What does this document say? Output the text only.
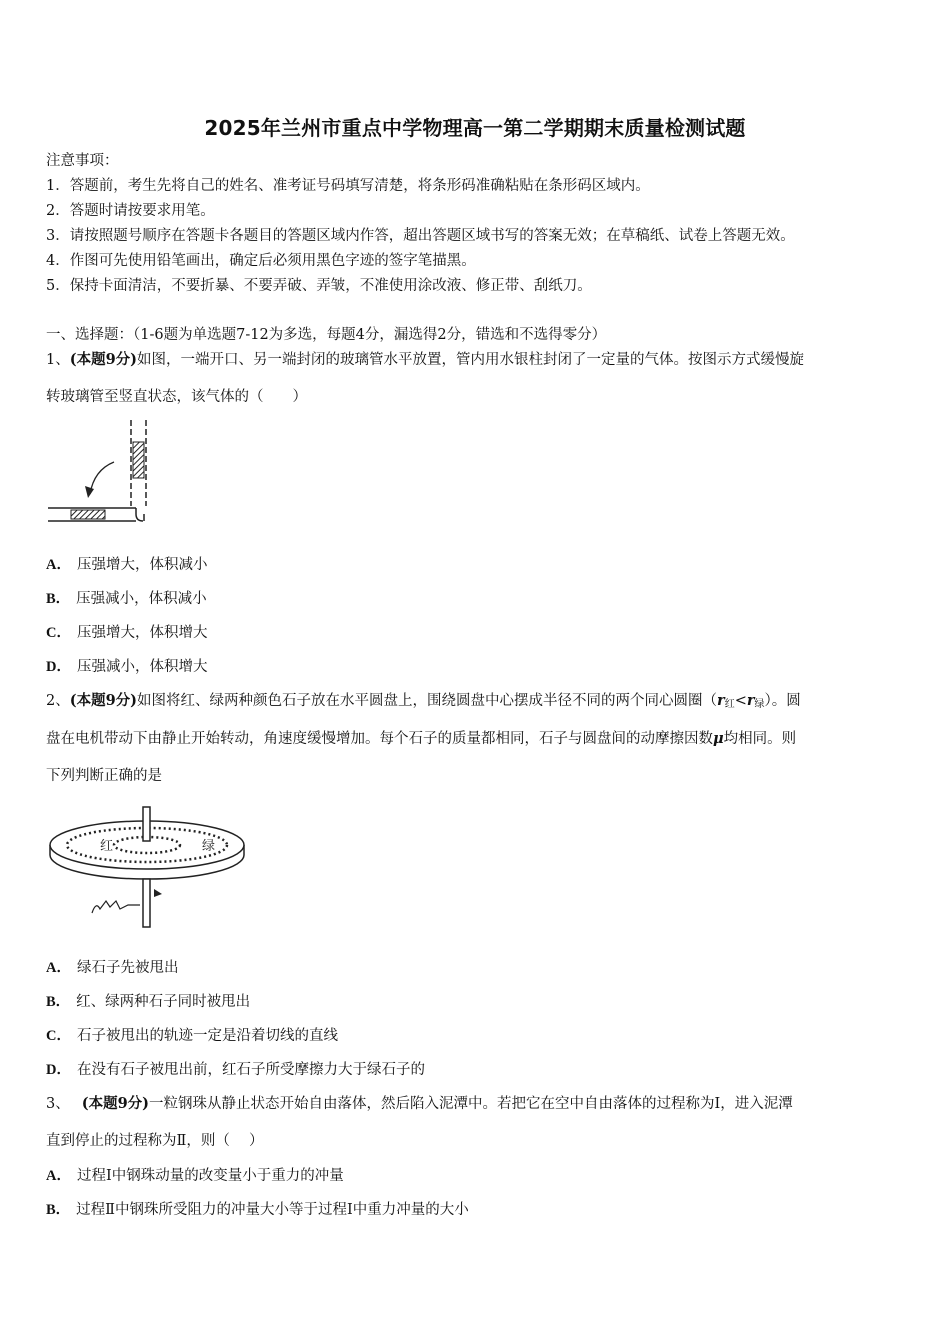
2025年兰州市重点中学物理高一第二学期期末质量检测试题
注意事项：
1．答题前，考生先将自己的姓名、准考证号码填写清楚，将条形码准确粘贴在条形码区域内。
2．答题时请按要求用笔。
3．请按照题号顺序在答题卡各题目的答题区域内作答，超出答题区域书写的答案无效；在草稿纸、试卷上答题无效。
4．作图可先使用铅笔画出，确定后必须用黑色字迹的签字笔描黑。
5．保持卡面清洁，不要折暴、不要弄破、弄皱，不准使用涂改液、修正带、刮纸刀。
一、选择题：（1-6题为单选题7-12为多选，每题4分，漏选得2分，错选和不选得零分）
1、(本题9分)如图，一端开口、另一端封闭的玻璃管水平放置，管内用水银柱封闭了一定量的气体。按图示方式缓慢旋
转玻璃管至竖直状态，该气体的（　　）
A． 压强增大，体积减小
B． 压强减小，体积减小
C． 压强增大，体积增大
D． 压强减小，体积增大
2、(本题9分)如图将红、绿两种颜色石子放在水平圆盘上，围绕圆盘中心摆成半径不同的两个同心圆圈$(r_红<r_绿)$。圆
盘在电机带动下由静止开始转动，角速度缓慢增加。每个石子的质量都相同，石子与圆盘间的动摩擦因数μ均相同。则
下列判断正确的是
红	绿
A． 绿石子先被甩出
B． 红、绿两种石子同时被甩出
C． 石子被甩出的轨迹一定是沿着切线的直线
D． 在没有石子被甩出前，红石子所受摩擦力大于绿石子的
3、 (本题9分)一粒钢珠从静止状态开始自由落体，然后陷入泥潭中。若把它在空中自由落体的过程称为Ⅰ，进入泥潭
直到停止的过程称为Ⅱ，则（　 ）
A． 过程Ⅰ中钢珠动量的改变量小于重力的冲量
B． 过程Ⅱ中钢珠所受阻力的冲量大小等于过程Ⅰ中重力冲量的大小
